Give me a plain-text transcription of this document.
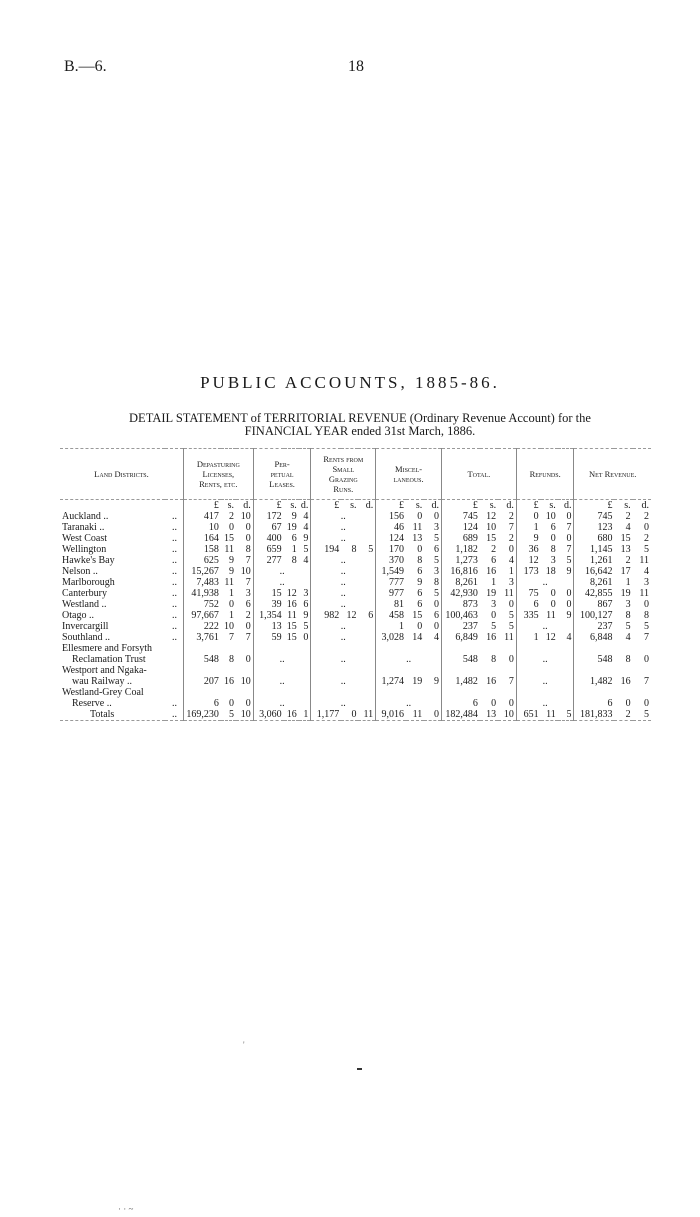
B.—6.	18
PUBLIC ACCOUNTS, 1885-86.
DETAIL STATEMENT of TERRITORIAL REVENUE (Ordinary Revenue Account) for the
FINANCIAL YEAR ended 31st March, 1886.
Land Districts.		Depasturing
Licenses,
Rents, etc.			Per-
petual
Leases.			Rents from
Small
Grazing
Runs.			Miscel-
laneous.			Total.			Refunds.			Net Revenue.		
		£	s.	d.	£	s.	d.	£	s.	d.	£	s.	d.	£	s.	d.	£	s.	d.	£	s.	d.
Auckland ..	..	417	2	10	172	9	4	..			156	0	0	745	12	2	0	10	0	745	2	2
Taranaki ..	..	10	0	0	67	19	4	..			46	11	3	124	10	7	1	6	7	123	4	0
West Coast	..	164	15	0	400	6	9	..			124	13	5	689	15	2	9	0	0	680	15	2
Wellington	..	158	11	8	659	1	5	194	8	5	170	0	6	1,182	2	0	36	8	7	1,145	13	5
Hawke's Bay	..	625	9	7	277	8	4	..			370	8	5	1,273	6	4	12	3	5	1,261	2	11
Nelson ..	..	15,267	9	10	..			..			1,549	6	3	16,816	16	1	173	18	9	16,642	17	4
Marlborough	..	7,483	11	7	..			..			777	9	8	8,261	1	3	..			8,261	1	3
Canterbury	..	41,938	1	3	15	12	3	..			977	6	5	42,930	19	11	75	0	0	42,855	19	11
Westland ..	..	752	0	6	39	16	6	..			81	6	0	873	3	0	6	0	0	867	3	0
Otago ..	..	97,667	1	2	1,354	11	9	982	12	6	458	15	6	100,463	0	5	335	11	9	100,127	8	8
Invercargill	..	222	10	0	13	15	5	..			1	0	0	237	5	5	..			237	5	5
Southland ..	..	3,761	7	7	59	15	0	..			3,028	14	4	6,849	16	11	1	12	4	6,848	4	7
Ellesmere and Forsyth																						
Reclamation Trust		548	8	0	..			..			..			548	8	0	..			548	8	0
Westport and Ngaka-																						
wau Railway ..		207	16	10	..			..			1,274	19	9	1,482	16	7	..			1,482	16	7
Westland-Grey Coal																						
Reserve ..	..	6	0	0	..			..			..			6	0	0	..			6	0	0
Totals	..	169,230	5	10	3,060	16	1	1,177	0	11	9,016	11	0	182,484	13	10	651	11	5	181,833	2	5
'
· · ~
